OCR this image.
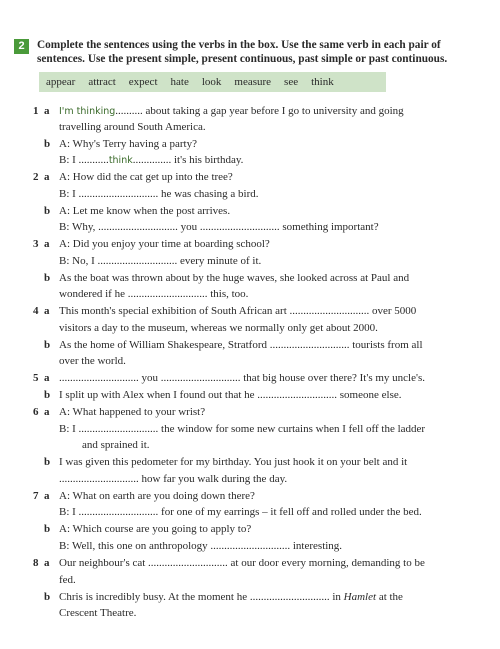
2	Complete the sentences using the verbs in the box. Use the same verb in each pair of
sentences. Use the present simple, present continuous, past simple or past continuous.
appear attract expect hate look measure see think
1 a I'm thinking.......... about taking a gap year before I go to university and going
travelling around South America.
b A: Why's Terry having a party?
B: I ...........think.............. it's his birthday.
2 a A: How did the cat get up into the tree?
B: I ............................. he was chasing a bird.
b A: Let me know when the post arrives.
B: Why, ............................. you ............................. something important?
3 a A: Did you enjoy your time at boarding school?
B: No, I ............................. every minute of it.
b As the boat was thrown about by the huge waves, she looked across at Paul and
wondered if he ............................. this, too.
4 a This month's special exhibition of South African art ............................. over 5000
visitors a day to the museum, whereas we normally only get about 2000.
b As the home of William Shakespeare, Stratford ............................. tourists from all
over the world.
5 a ............................. you ............................. that big house over there? It's my uncle's.
b I split up with Alex when I found out that he ............................. someone else.
6 a A: What happened to your wrist?
B: I ............................. the window for some new curtains when I fell off the ladder
and sprained it.
b I was given this pedometer for my birthday. You just hook it on your belt and it
............................. how far you walk during the day.
7 a A: What on earth are you doing down there?
B: I ............................. for one of my earrings – it fell off and rolled under the bed.
b A: Which course are you going to apply to?
B: Well, this one on anthropology ............................. interesting.
8 a Our neighbour's cat ............................. at our door every morning, demanding to be
fed.
b Chris is incredibly busy. At the moment he ............................. in Hamlet at the
Crescent Theatre.
